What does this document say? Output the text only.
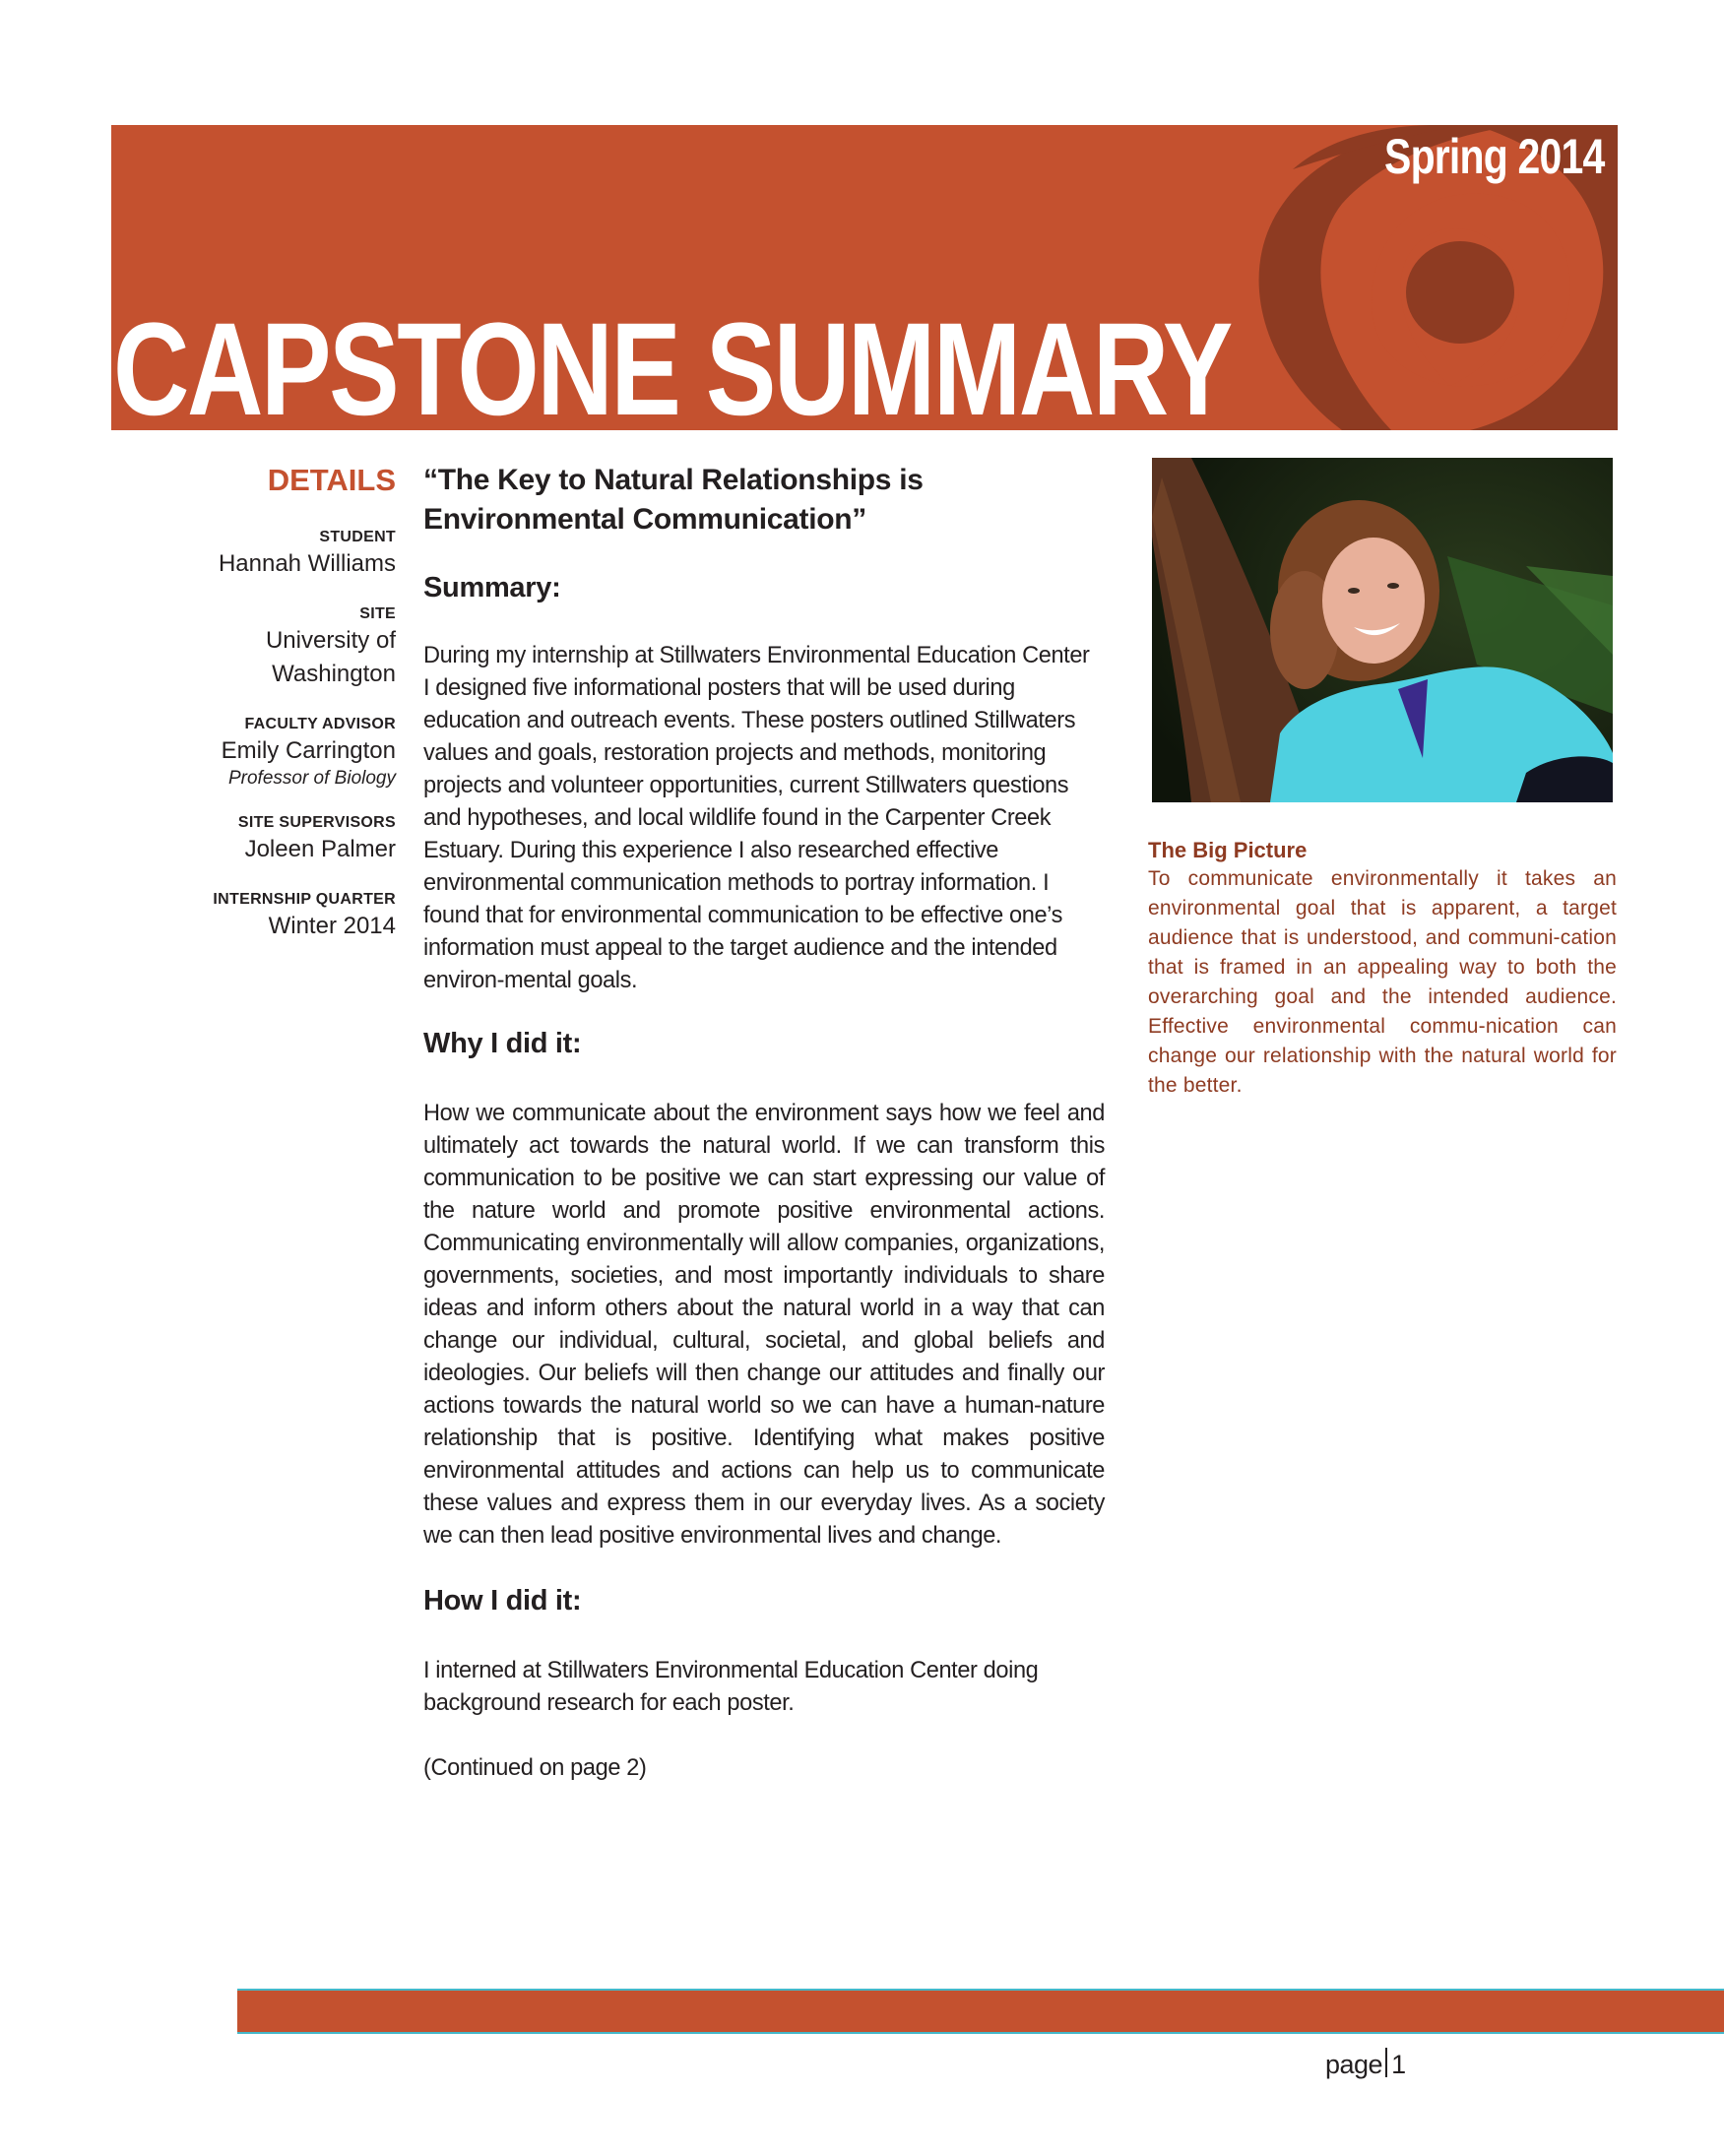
Spring 2014
CAPSTONE SUMMARY
DETAILS
STUDENT
Hannah Williams
SITE
University of Washington
FACULTY ADVISOR
Emily Carrington
Professor of Biology
SITE SUPERVISORS
Joleen Palmer
INTERNSHIP QUARTER
Winter 2014

“The Key to Natural Relationships is

Environmental Communication”

Summary:

During my internship at Stillwaters Environmental Education Center I designed five informational posters that will be used during education and outreach events. These posters outlined Stillwaters values and goals, restoration projects and methods, monitoring projects and volunteer opportunities, current Stillwaters questions and hypotheses, and local wildlife found in the Carpenter Creek Estuary. During this experience I also researched effective environmental communication methods to portray information. I found that for environmental communication to be effective one’s information must appeal to the target audience and the intended environ-mental goals.

Why I did it:

How we communicate about the environment says how we feel and ultimately act towards the natural world. If we can transform this communication to be positive we can start expressing our value of the nature world and promote positive environmental actions. Communicating environmentally will allow companies, organizations, governments, societies, and most importantly individuals to share ideas and inform others about the natural world in a way that can change our individual, cultural, societal, and global beliefs and ideologies. Our beliefs will then change our attitudes and finally our actions towards the natural world so we can have a human-nature relationship that is positive. Identifying what makes positive environmental attitudes and actions can help us to communicate these values and express them in our everyday lives. As a society we can then lead positive environmental lives and change.

How I did it:

I interned at Stillwaters Environmental Education Center doing background research for each poster.

(Continued on page 2)

The Big Picture

To communicate environmentally it takes an environmental goal that is apparent, a target audience that is understood, and communi-cation that is framed in an appealing way to both the overarching goal and the intended audience. Effective environmental commu-nication can change our relationship with the natural world for the better.

page 1
